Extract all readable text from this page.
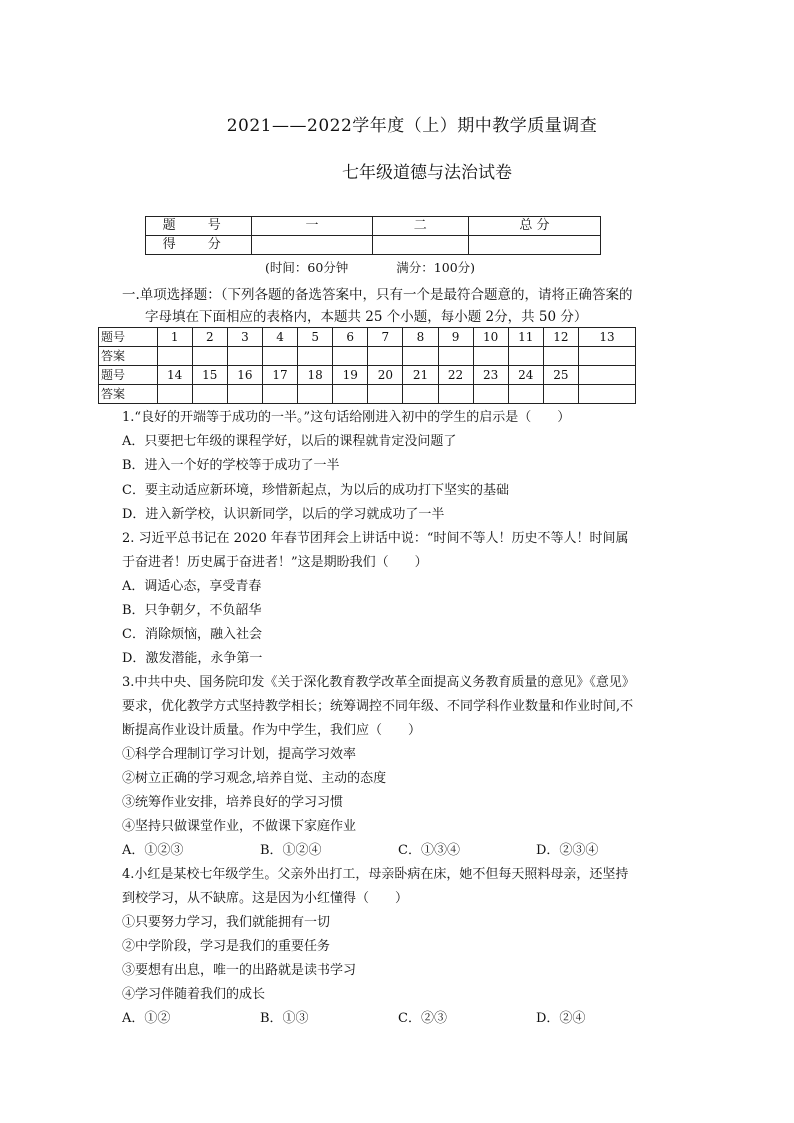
2021——2022学年度（上）期中教学质量调查
七年级道德与法治试卷
题 号	一	二	总 分
得 分			
(时间：60分钟	满分：100分)
一.单项选择题：（下列各题的备选答案中，只有一个是最符合题意的，请将正确答案的
字母填在下面相应的表格内，本题共 25 个小题，每小题 2分，共 50 分）
题号	1	2	3	4	5	6	7	8	9	10	11	12	13
答案													
题号	14	15	16	17	18	19	20	21	22	23	24	25	
答案													
1.“良好的开端等于成功的一半。”这句话给刚进入初中的学生的启示是（　　）
A．只要把七年级的课程学好，以后的课程就肯定没问题了
B．进入一个好的学校等于成功了一半
C．要主动适应新环境，珍惜新起点，为以后的成功打下坚实的基础
D．进入新学校，认识新同学，以后的学习就成功了一半
2. 习近平总书记在 2020 年春节团拜会上讲话中说：“时间不等人！历史不等人！时间属
于奋进者！历史属于奋进者！”这是期盼我们（　　）
A．调适心态，享受青春
B．只争朝夕，不负韶华
C．消除烦恼，融入社会
D．激发潜能，永争第一
3.中共中央、国务院印发《关于深化教育教学改革全面提高义务教育质量的意见》《意见》
要求，优化教学方式坚持教学相长；统筹调控不同年级、不同学科作业数量和作业时间,不
断提高作业设计质量。作为中学生，我们应（　　）
①科学合理制订学习计划，提高学习效率
②树立正确的学习观念,培养自觉、主动的态度
③统筹作业安排，培养良好的学习习惯
④坚持只做课堂作业，不做课下家庭作业
A．①②③	B．①②④	C．①③④	D．②③④
4.小红是某校七年级学生。父亲外出打工，母亲卧病在床，她不但每天照料母亲，还坚持
到校学习，从不缺席。这是因为小红懂得（　　）
①只要努力学习，我们就能拥有一切
②中学阶段，学习是我们的重要任务
③要想有出息，唯一的出路就是读书学习
④学习伴随着我们的成长
A．①②	B．①③	C．②③	D．②④
